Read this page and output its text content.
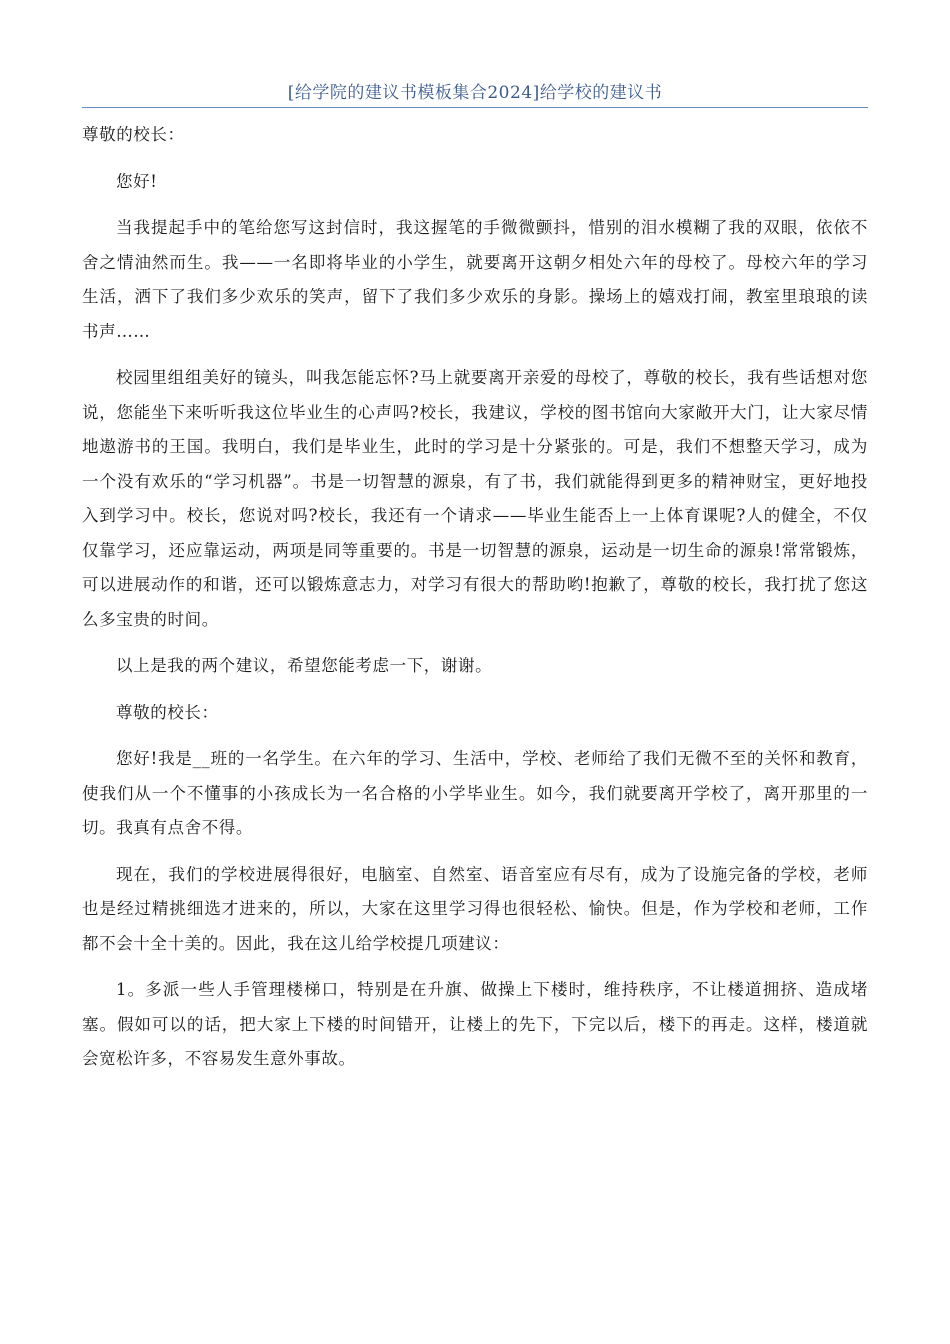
[给学院的建议书模板集合2024]给学校的建议书

尊敬的校长：

您好!

当我提起手中的笔给您写这封信时，我这握笔的手微微颤抖，惜别的泪水模糊了我的双眼，依依不舍之情油然而生。我——一名即将毕业的小学生，就要离开这朝夕相处六年的母校了。母校六年的学习生活，洒下了我们多少欢乐的笑声，留下了我们多少欢乐的身影。操场上的嬉戏打闹，教室里琅琅的读书声……

校园里组组美好的镜头，叫我怎能忘怀?马上就要离开亲爱的母校了，尊敬的校长，我有些话想对您说，您能坐下来听听我这位毕业生的心声吗?校长，我建议，学校的图书馆向大家敞开大门，让大家尽情地遨游书的王国。我明白，我们是毕业生，此时的学习是十分紧张的。可是，我们不想整天学习，成为一个没有欢乐的“学习机器”。书是一切智慧的源泉，有了书，我们就能得到更多的精神财宝，更好地投入到学习中。校长，您说对吗?校长，我还有一个请求——毕业生能否上一上体育课呢?人的健全，不仅仅靠学习，还应靠运动，两项是同等重要的。书是一切智慧的源泉，运动是一切生命的源泉!常常锻炼，可以进展动作的和谐，还可以锻炼意志力，对学习有很大的帮助哟!抱歉了，尊敬的校长，我打扰了您这么多宝贵的时间。

以上是我的两个建议，希望您能考虑一下，谢谢。

尊敬的校长：

您好!我是__班的一名学生。在六年的学习、生活中，学校、老师给了我们无微不至的关怀和教育，使我们从一个不懂事的小孩成长为一名合格的小学毕业生。如今，我们就要离开学校了，离开那里的一切。我真有点舍不得。

现在，我们的学校进展得很好，电脑室、自然室、语音室应有尽有，成为了设施完备的学校，老师也是经过精挑细选才进来的，所以，大家在这里学习得也很轻松、愉快。但是，作为学校和老师，工作都不会十全十美的。因此，我在这儿给学校提几项建议：

1。多派一些人手管理楼梯口，特别是在升旗、做操上下楼时，维持秩序，不让楼道拥挤、造成堵塞。假如可以的话，把大家上下楼的时间错开，让楼上的先下，下完以后，楼下的再走。这样，楼道就会宽松许多，不容易发生意外事故。
